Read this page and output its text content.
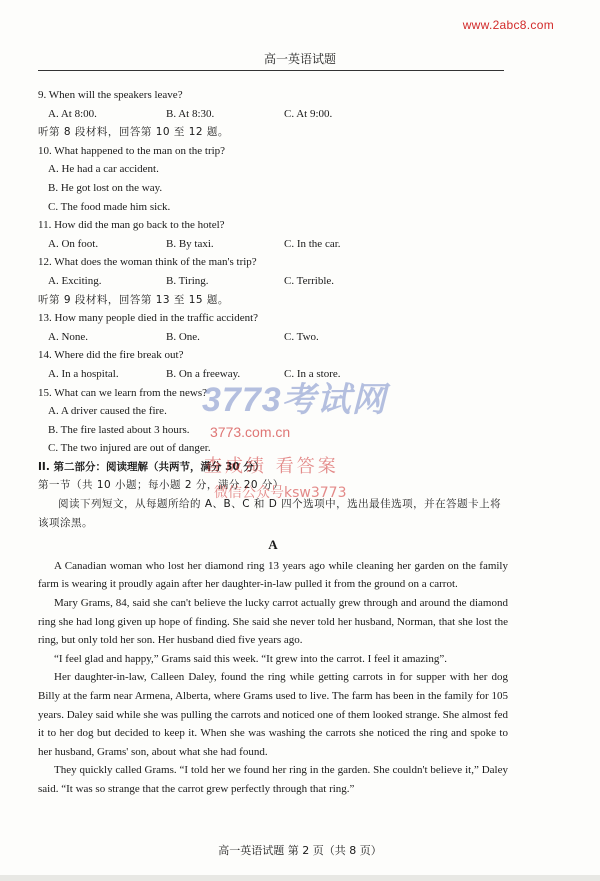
www.2abc8.com
高一英语试题
9. When will the speakers leave?
A. At 8:00.	B. At 8:30.	C. At 9:00.
听第 8 段材料，回答第 10 至 12 题。
10. What happened to the man on the trip?
A. He had a car accident.
B. He got lost on the way.
C. The food made him sick.
11. How did the man go back to the hotel?
A. On foot.	B. By taxi.	C. In the car.
12. What does the woman think of the man's trip?
A. Exciting.	B. Tiring.	C. Terrible.
听第 9 段材料，回答第 13 至 15 题。
13. How many people died in the traffic accident?
A. None.	B. One.	C. Two.
14. Where did the fire break out?
A. In a hospital.	B. On a freeway.	C. In a store.
15. What can we learn from the news?
A. A driver caused the fire.
B. The fire lasted about 3 hours.
C. The two injured are out of danger.
II. 第二部分：阅读理解（共两节，满分 30 分）
第一节（共 10 小题；每小题 2 分，满分 20 分）
阅读下列短文，从每题所给的 A、B、C 和 D 四个选项中，选出最佳选项，并在答题卡上将该项涂黑。
A
A Canadian woman who lost her diamond ring 13 years ago while cleaning her garden on the family farm is wearing it proudly again after her daughter-in-law pulled it from the ground on a carrot.
Mary Grams, 84, said she can't believe the lucky carrot actually grew through and around the diamond ring she had long given up hope of finding. She said she never told her husband, Norman, that she lost the ring, but only told her son. Her husband died five years ago.
“I feel glad and happy,” Grams said this week. “It grew into the carrot. I feel it amazing”.
Her daughter-in-law, Calleen Daley, found the ring while getting carrots in for supper with her dog Billy at the farm near Armena, Alberta, where Grams used to live. The farm has been in the family for 105 years. Daley said while she was pulling the carrots and noticed one of them looked strange. She almost fed it to her dog but decided to keep it. When she was washing the carrots she noticed the ring and spoke to her husband, Grams' son, about what she had found.
They quickly called Grams. “I told her we found her ring in the garden. She couldn't believe it,” Daley said. “It was so strange that the carrot grew perfectly through that ring.”
3773考试网
3773.com.cn
查成绩 看答案
微信公众号ksw3773
高一英语试题 第 2 页（共 8 页）
